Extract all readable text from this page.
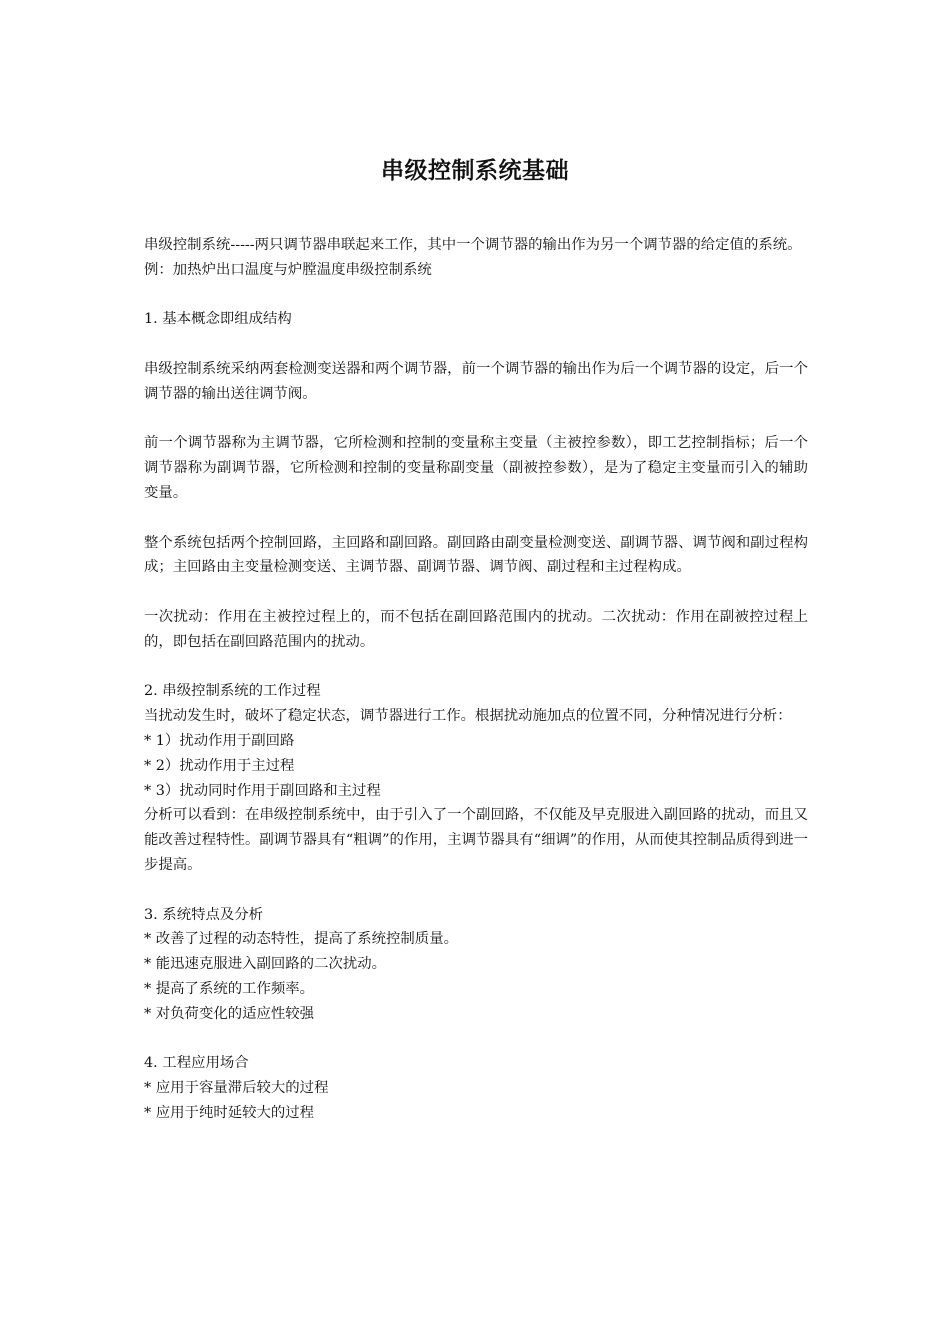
串级控制系统基础

串级控制系统-----两只调节器串联起来工作，其中一个调节器的输出作为另一个调节器的给定值的系统。

例：加热炉出口温度与炉膛温度串级控制系统

1. 基本概念即组成结构

串级控制系统采纳两套检测变送器和两个调节器，前一个调节器的输出作为后一个调节器的设定，后一个调节器的输出送往调节阀。

前一个调节器称为主调节器，它所检测和控制的变量称主变量（主被控参数），即工艺控制指标；后一个调节器称为副调节器，它所检测和控制的变量称副变量（副被控参数），是为了稳定主变量而引入的辅助变量。

整个系统包括两个控制回路，主回路和副回路。副回路由副变量检测变送、副调节器、调节阀和副过程构成；主回路由主变量检测变送、主调节器、副调节器、调节阀、副过程和主过程构成。

一次扰动：作用在主被控过程上的，而不包括在副回路范围内的扰动。二次扰动：作用在副被控过程上的，即包括在副回路范围内的扰动。

2. 串级控制系统的工作过程

当扰动发生时，破坏了稳定状态，调节器进行工作。根据扰动施加点的位置不同，分种情况进行分析：

* 1）扰动作用于副回路

* 2）扰动作用于主过程

* 3）扰动同时作用于副回路和主过程

分析可以看到：在串级控制系统中，由于引入了一个副回路，不仅能及早克服进入副回路的扰动，而且又能改善过程特性。副调节器具有“粗调”的作用，主调节器具有“细调”的作用，从而使其控制品质得到进一步提高。

3. 系统特点及分析

* 改善了过程的动态特性，提高了系统控制质量。

* 能迅速克服进入副回路的二次扰动。

* 提高了系统的工作频率。

* 对负荷变化的适应性较强

4. 工程应用场合

* 应用于容量滞后较大的过程

* 应用于纯时延较大的过程
